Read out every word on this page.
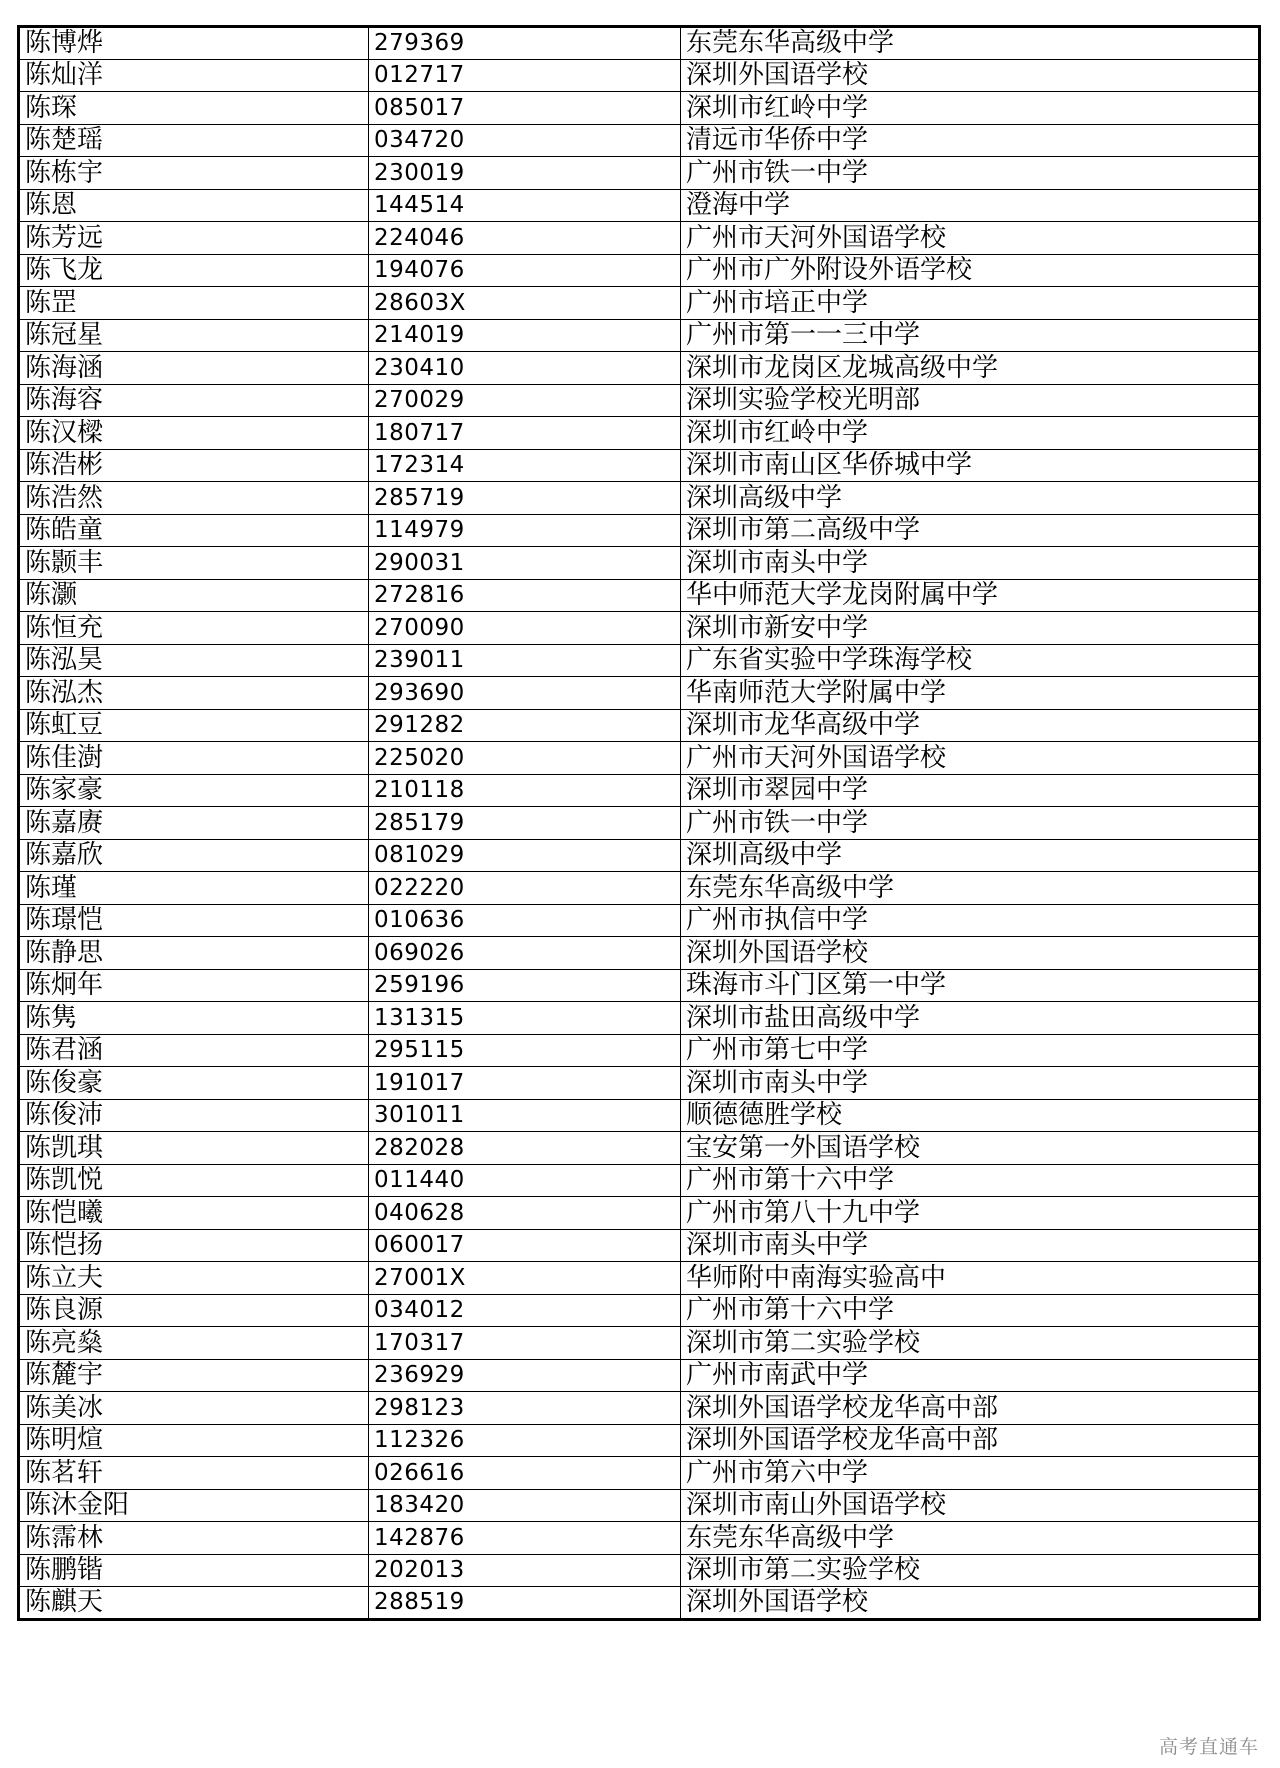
陈博烨	279369	东莞东华高级中学
陈灿洋	012717	深圳外国语学校
陈琛	085017	深圳市红岭中学
陈楚瑶	034720	清远市华侨中学
陈栋宇	230019	广州市铁一中学
陈恩	144514	澄海中学
陈芳远	224046	广州市天河外国语学校
陈飞龙	194076	广州市广外附设外语学校
陈罡	28603X	广州市培正中学
陈冠星	214019	广州市第一一三中学
陈海涵	230410	深圳市龙岗区龙城高级中学
陈海容	270029	深圳实验学校光明部
陈汉樑	180717	深圳市红岭中学
陈浩彬	172314	深圳市南山区华侨城中学
陈浩然	285719	深圳高级中学
陈皓童	114979	深圳市第二高级中学
陈颢丰	290031	深圳市南头中学
陈灏	272816	华中师范大学龙岗附属中学
陈恒充	270090	深圳市新安中学
陈泓昊	239011	广东省实验中学珠海学校
陈泓杰	293690	华南师范大学附属中学
陈虹豆	291282	深圳市龙华高级中学
陈佳澍	225020	广州市天河外国语学校
陈家豪	210118	深圳市翠园中学
陈嘉赓	285179	广州市铁一中学
陈嘉欣	081029	深圳高级中学
陈瑾	022220	东莞东华高级中学
陈璟恺	010636	广州市执信中学
陈静思	069026	深圳外国语学校
陈炯年	259196	珠海市斗门区第一中学
陈隽	131315	深圳市盐田高级中学
陈君涵	295115	广州市第七中学
陈俊豪	191017	深圳市南头中学
陈俊沛	301011	顺德德胜学校
陈凯琪	282028	宝安第一外国语学校
陈凯悦	011440	广州市第十六中学
陈恺曦	040628	广州市第八十九中学
陈恺扬	060017	深圳市南头中学
陈立夫	27001X	华师附中南海实验高中
陈良源	034012	广州市第十六中学
陈亮燊	170317	深圳市第二实验学校
陈麓宇	236929	广州市南武中学
陈美冰	298123	深圳外国语学校龙华高中部
陈明煊	112326	深圳外国语学校龙华高中部
陈茗轩	026616	广州市第六中学
陈沐金阳	183420	深圳市南山外国语学校
陈霈林	142876	东莞东华高级中学
陈鹏锴	202013	深圳市第二实验学校
陈麒天	288519	深圳外国语学校
高考直通车
